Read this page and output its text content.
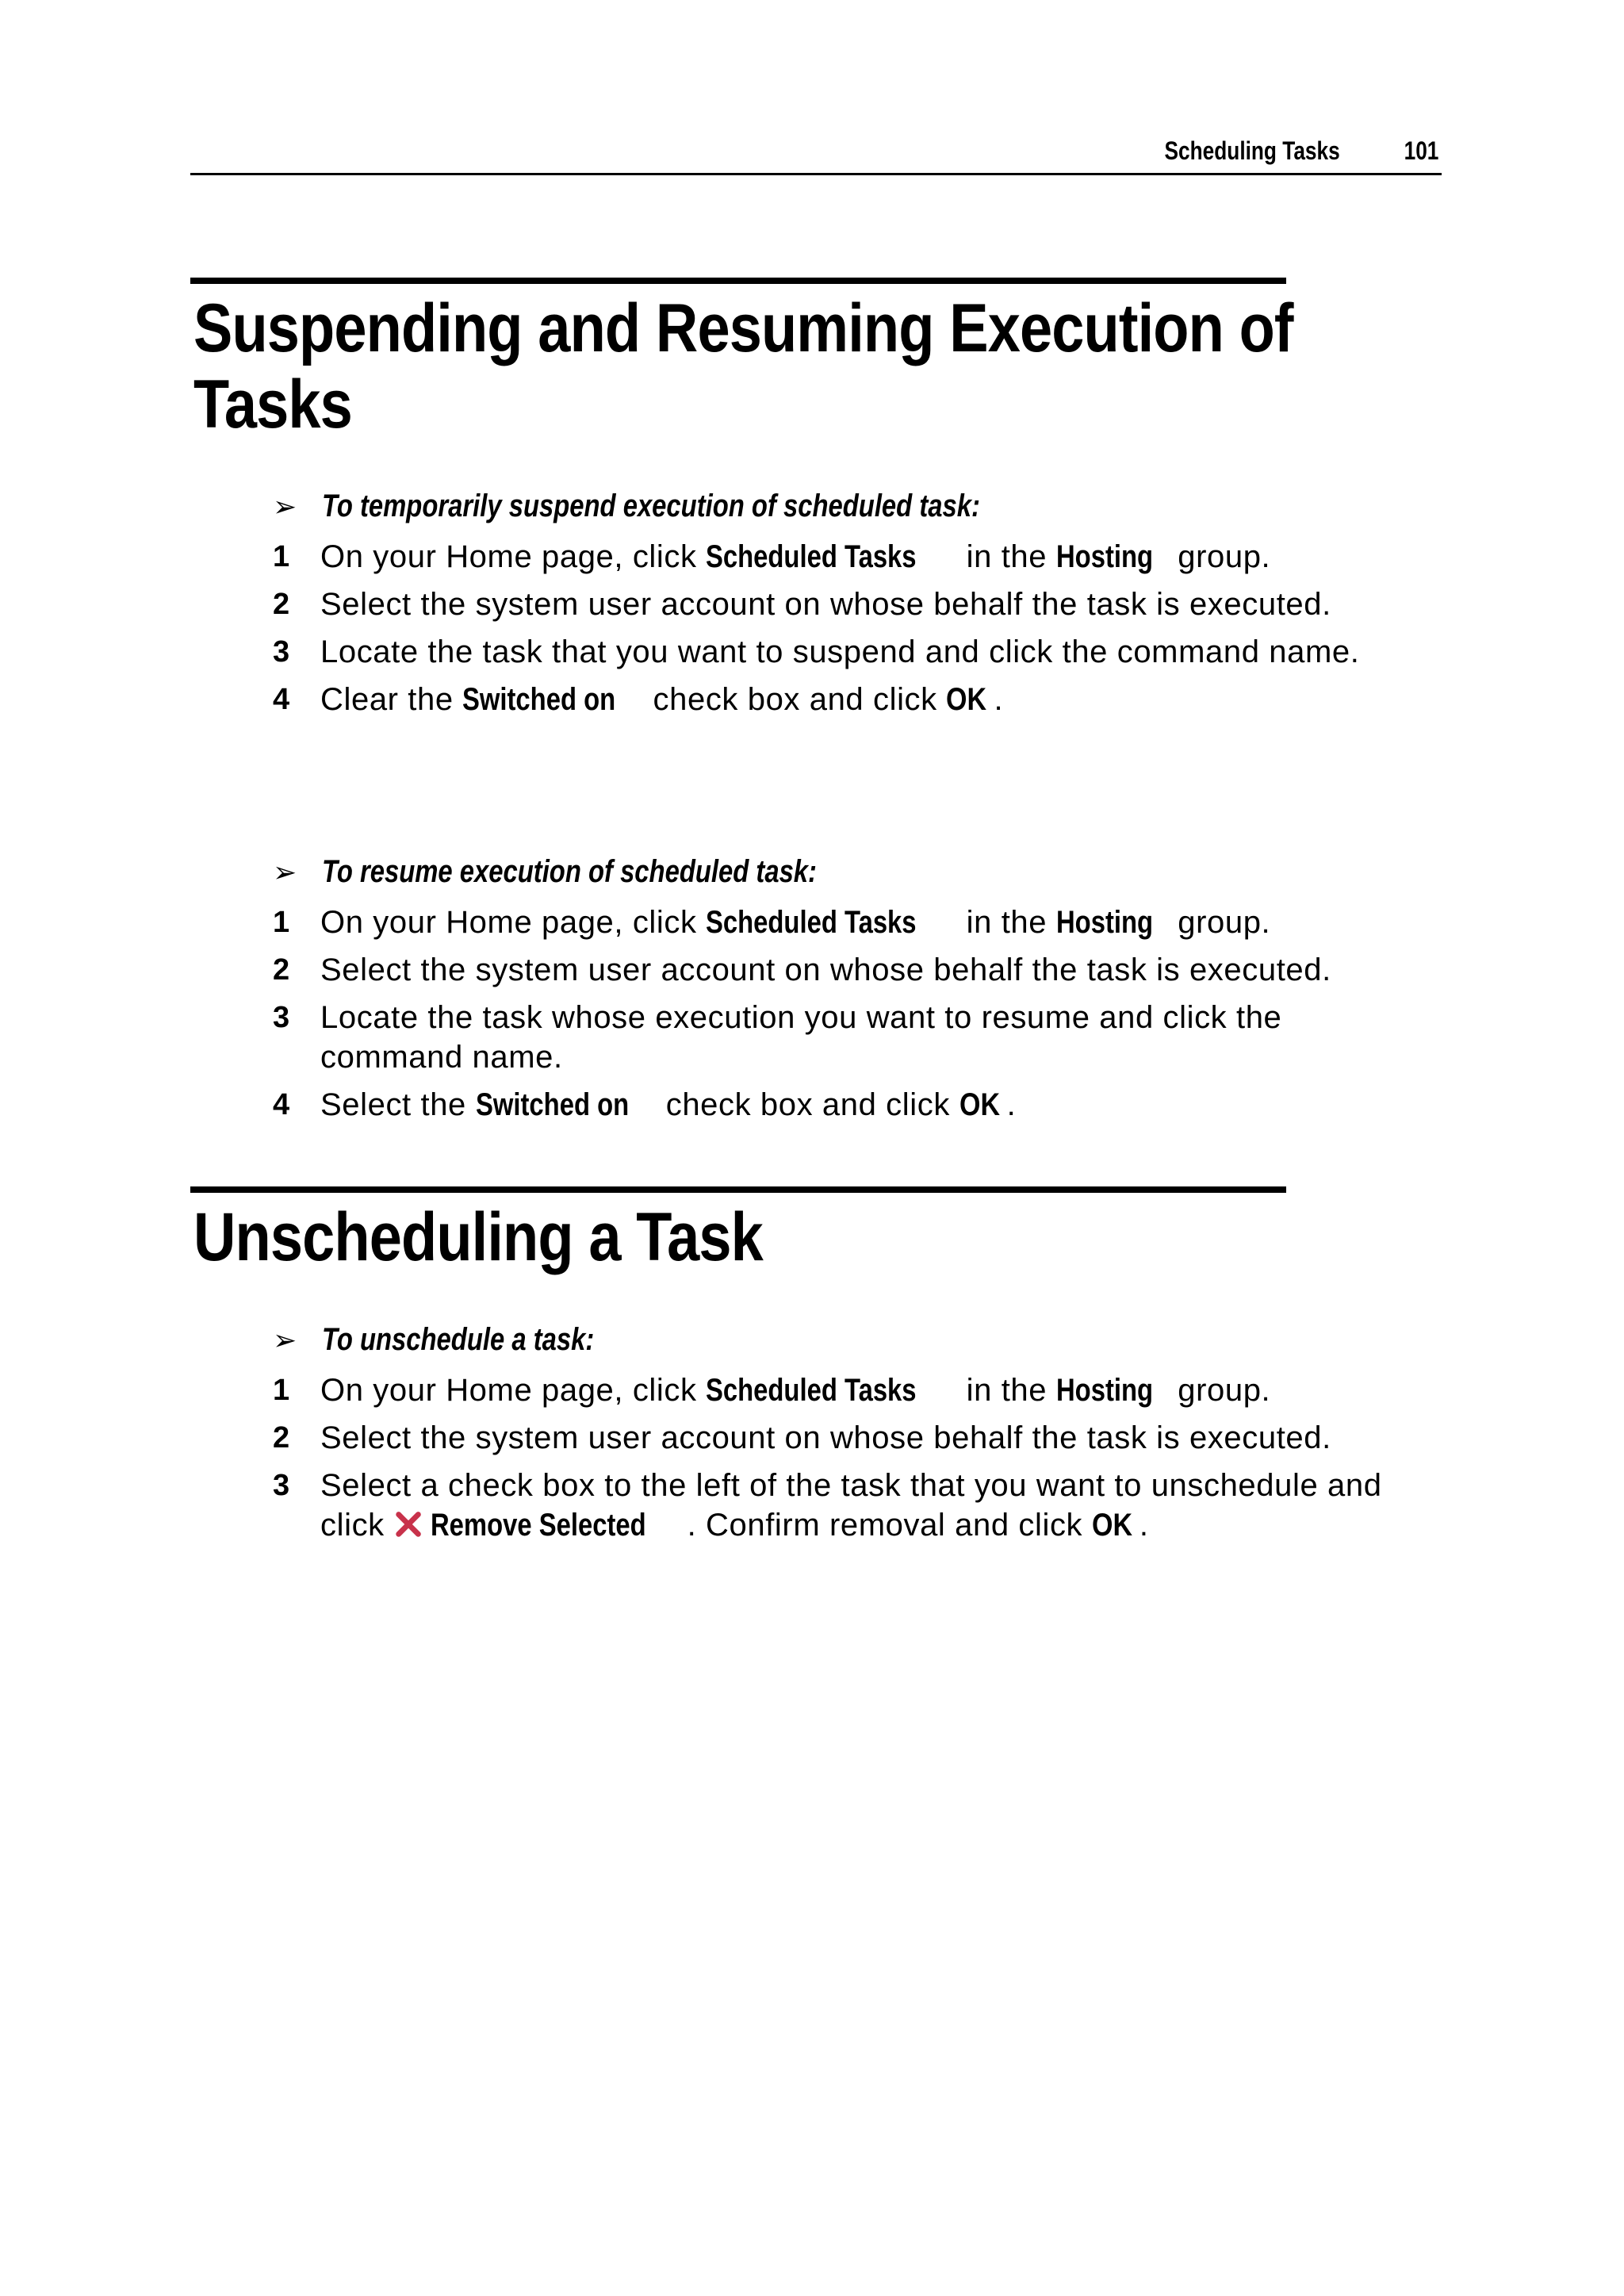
Scheduling Tasks	101
Suspending and Resuming Execution of Tasks
➢ To temporarily suspend execution of scheduled task:
1 On your Home page, click Scheduled Tasks in the Hosting group.
2 Select the system user account on whose behalf the task is executed.
3 Locate the task that you want to suspend and click the command name.
4 Clear the Switched on check box and click OK .
➢ To resume execution of scheduled task:
1 On your Home page, click Scheduled Tasks in the Hosting group.
2 Select the system user account on whose behalf the task is executed.
3 Locate the task whose execution you want to resume and click the command name.
4 Select the Switched on check box and click OK .
Unscheduling a Task
➢ To unschedule a task:
1 On your Home page, click Scheduled Tasks in the Hosting group.
2 Select the system user account on whose behalf the task is executed.
3 Select a check box to the left of the task that you want to unschedule and click Remove Selected . Confirm removal and click OK .
